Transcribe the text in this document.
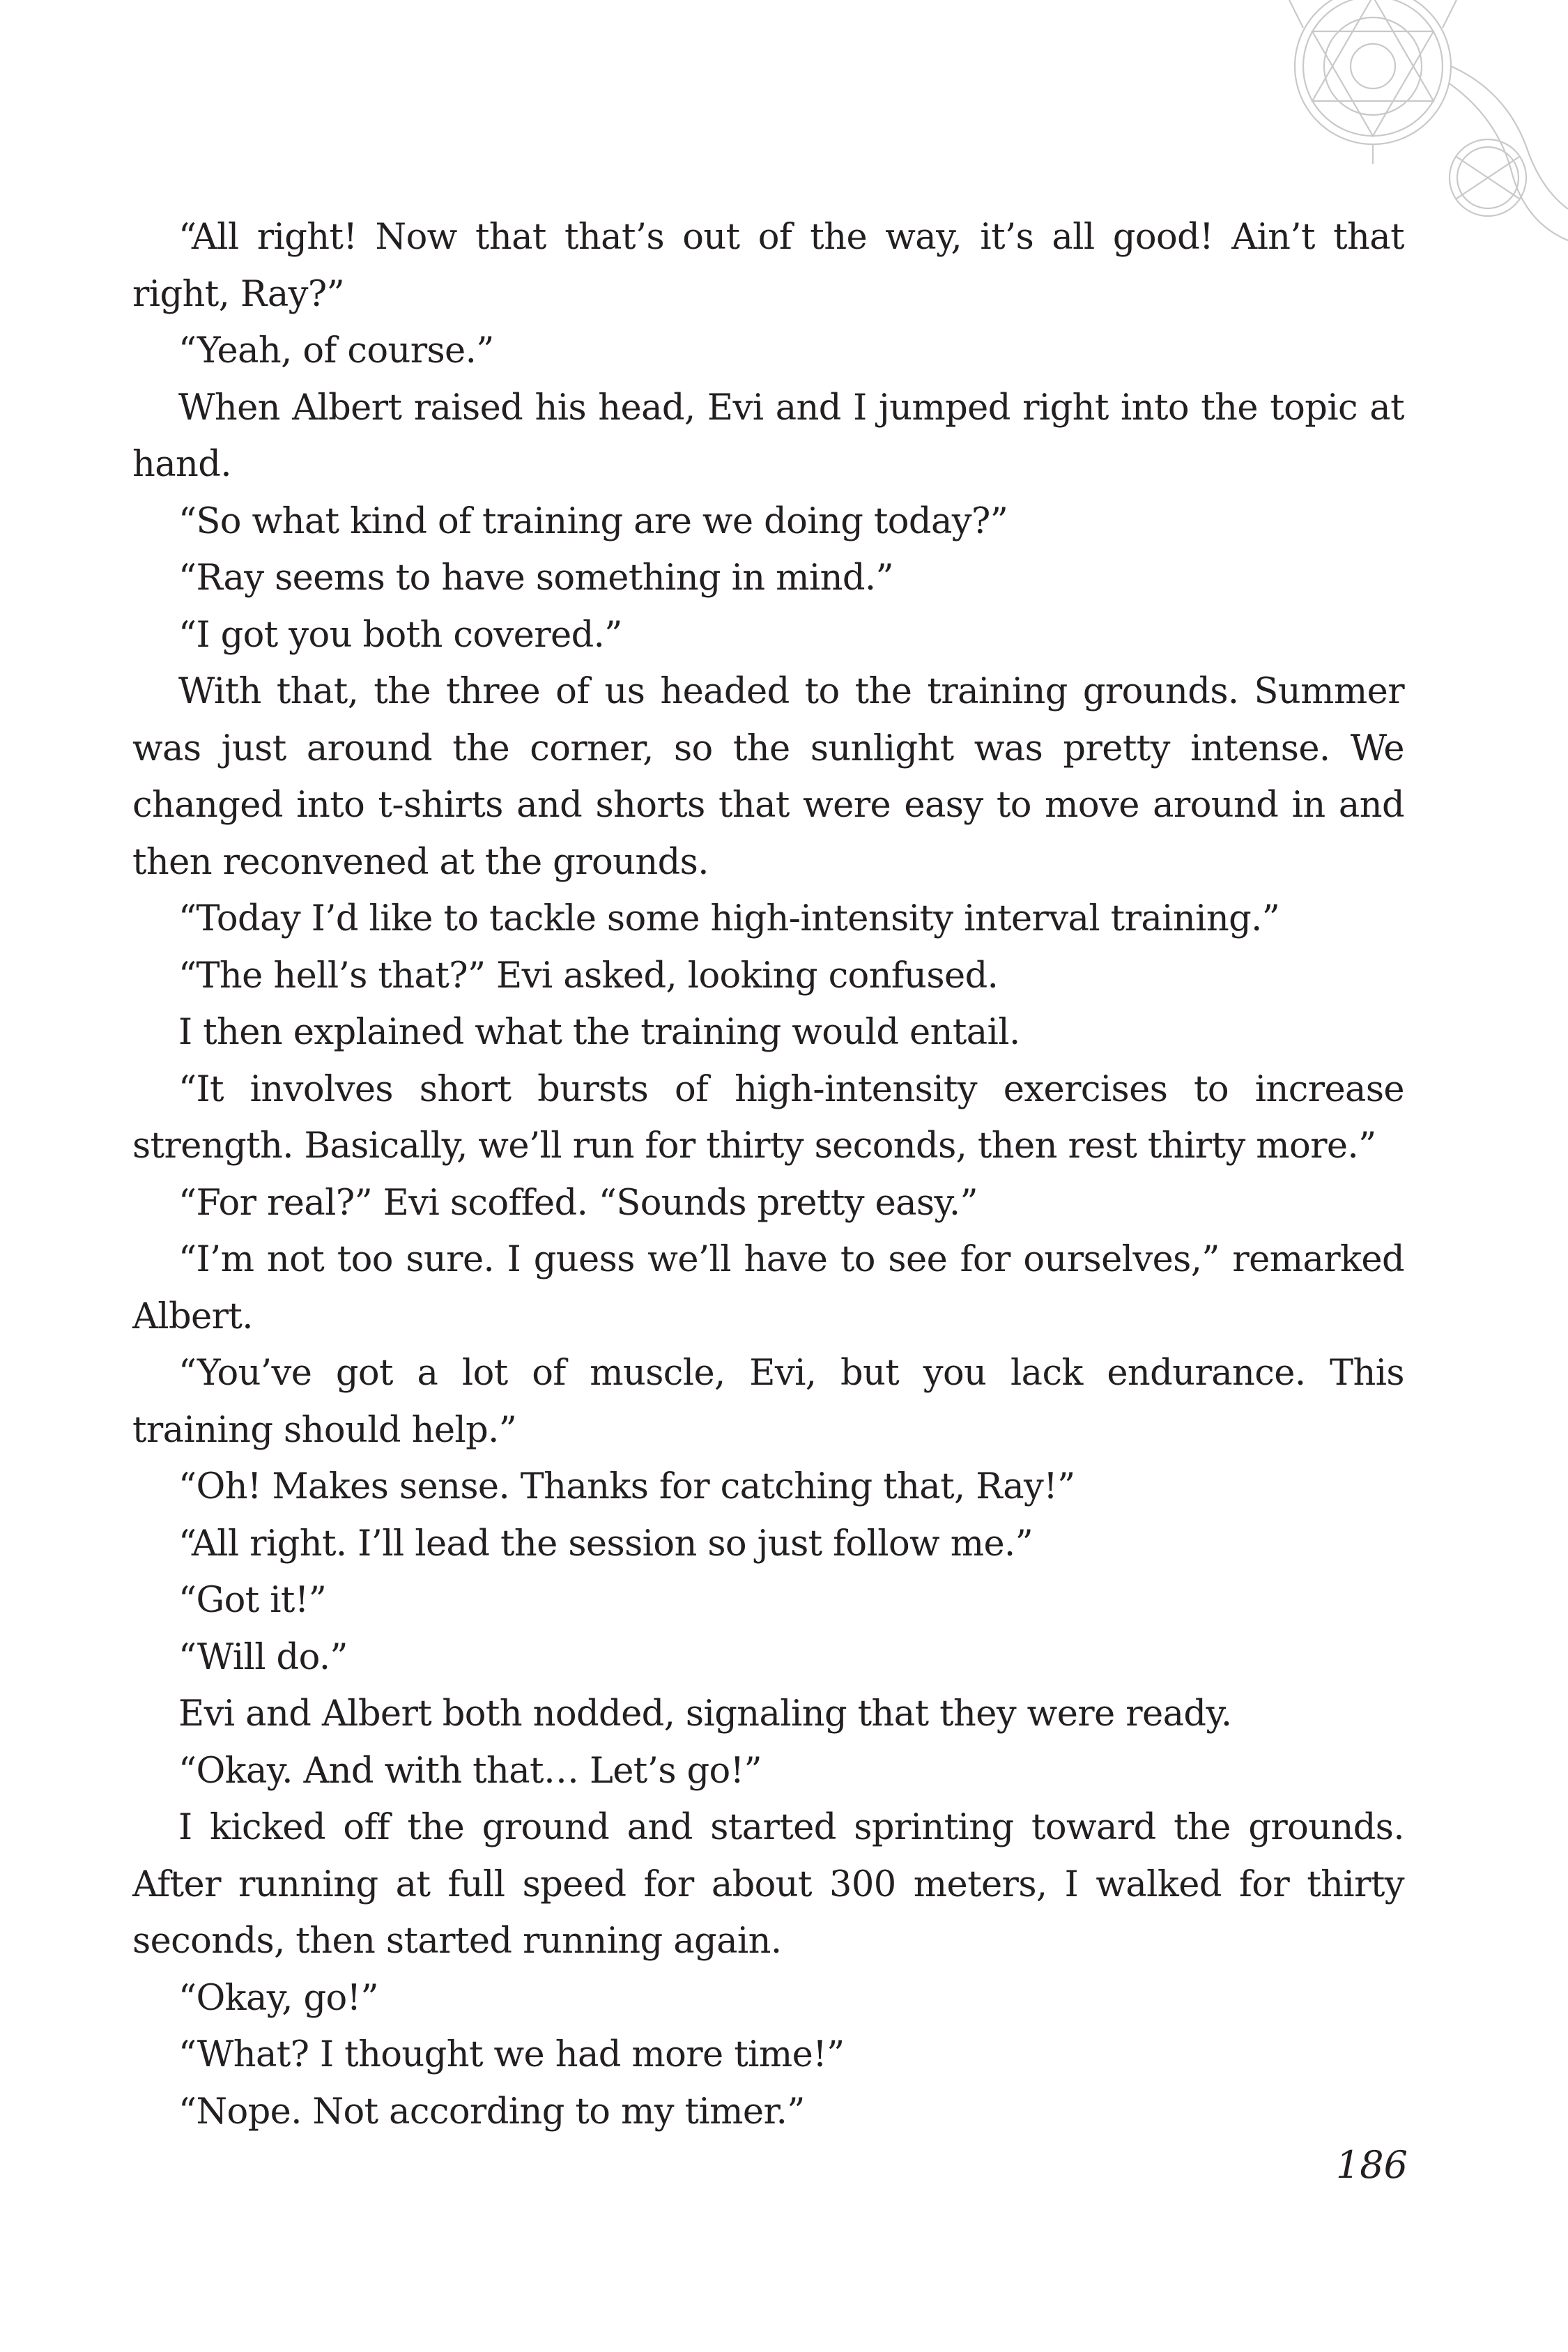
“All right! Now that that’s out of the way, it’s all good! Ain’t that right, Ray?”

“Yeah, of course.”

When Albert raised his head, Evi and I jumped right into the topic at hand.

“So what kind of training are we doing today?”

“Ray seems to have something in mind.”

“I got you both covered.”

With that, the three of us headed to the training grounds. Summer was just around the corner, so the sunlight was pretty intense. We changed into t-shirts and shorts that were easy to move around in and then reconvened at the grounds.

“Today I’d like to tackle some high-intensity interval training.”

“The hell’s that?” Evi asked, looking confused.

I then explained what the training would entail.

“It involves short bursts of high-intensity exercises to increase strength. Basically, we’ll run for thirty seconds, then rest thirty more.”

“For real?” Evi scoffed. “Sounds pretty easy.”

“I’m not too sure. I guess we’ll have to see for ourselves,” remarked Albert.

“You’ve got a lot of muscle, Evi, but you lack endurance. This training should help.”

“Oh! Makes sense. Thanks for catching that, Ray!”

“All right. I’ll lead the session so just follow me.”

“Got it!”

“Will do.”

Evi and Albert both nodded, signaling that they were ready.

“Okay. And with that… Let’s go!”

I kicked off the ground and started sprinting toward the grounds. After running at full speed for about 300 meters, I walked for thirty seconds, then started running again.

“Okay, go!”

“What? I thought we had more time!”

“Nope. Not according to my timer.”

186
